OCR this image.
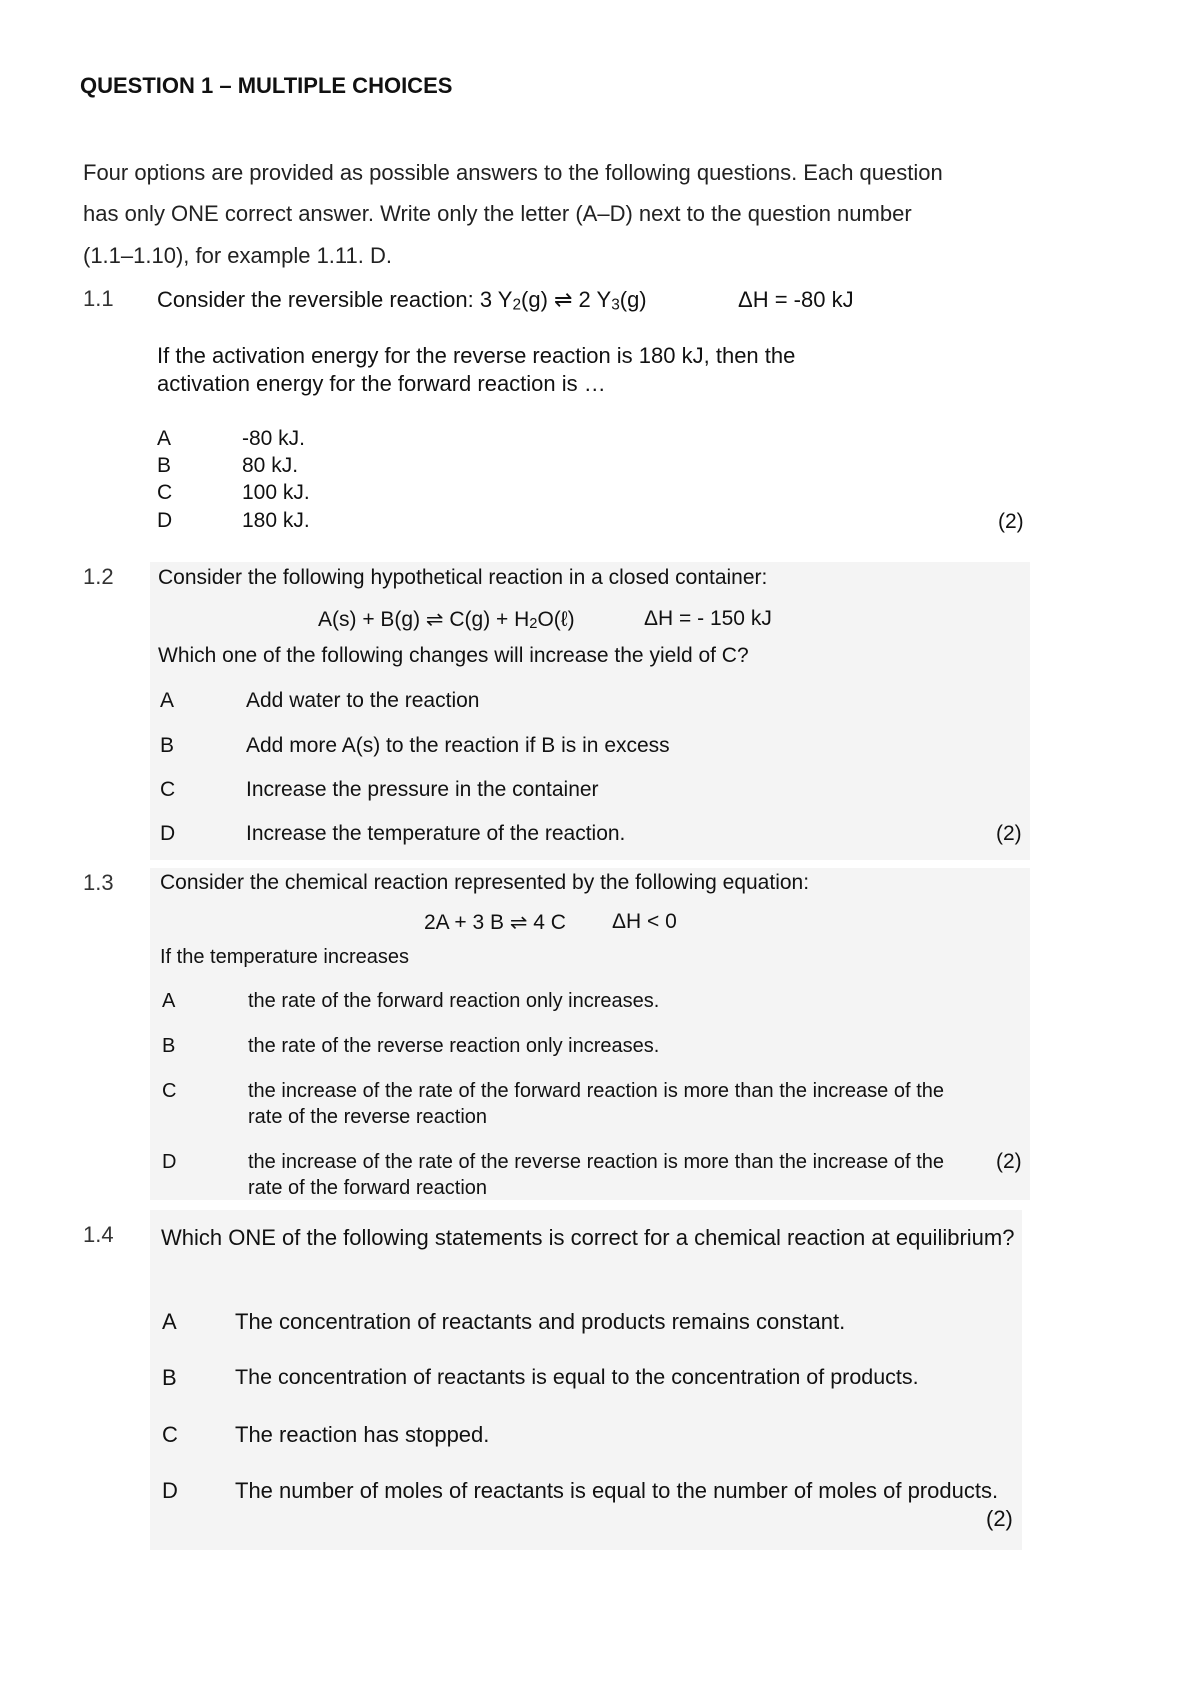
QUESTION 1 – MULTIPLE CHOICES
Four options are provided as possible answers to the following questions. Each question
has only ONE correct answer. Write only the letter (A–D) next to the question number
(1.1–1.10), for example 1.11. D.
1.1 Consider the reversible reaction: 3 $Y_2(g)$ ⇌ 2 $Y_3(g)$	ΔH = -80 kJ
If the activation energy for the reverse reaction is 180 kJ, then the
activation energy for the forward reaction is …
A	-80 kJ.
B	80 kJ.
C	100 kJ.
D	180 kJ.	(2)
1.2 Consider the following hypothetical reaction in a closed container:
A(s) + B(g) ⇌ $C(g) + H_2O(\ell)$	ΔH = - 150 kJ
Which one of the following changes will increase the yield of C?
A	Add water to the reaction
B	Add more A(s) to the reaction if B is in excess
C	Increase the pressure in the container
D	Increase the temperature of the reaction.	(2)
1.3 Consider the chemical reaction represented by the following equation:
2A + 3 B ⇌ 4 C ΔH < 0
If the temperature increases
A	the rate of the forward reaction only increases.
B	the rate of the reverse reaction only increases.
C	the increase of the rate of the forward reaction is more than the increase of the rate of the reverse reaction
D	the increase of the rate of the reverse reaction is more than the increase of the rate of the forward reaction
(2)
1.4 Which ONE of the following statements is correct for a chemical reaction at equilibrium?
A	The concentration of reactants and products remains constant.
B	The concentration of reactants is equal to the concentration of products.
C	The reaction has stopped.
D	The number of moles of reactants is equal to the number of moles of products.
(2)
